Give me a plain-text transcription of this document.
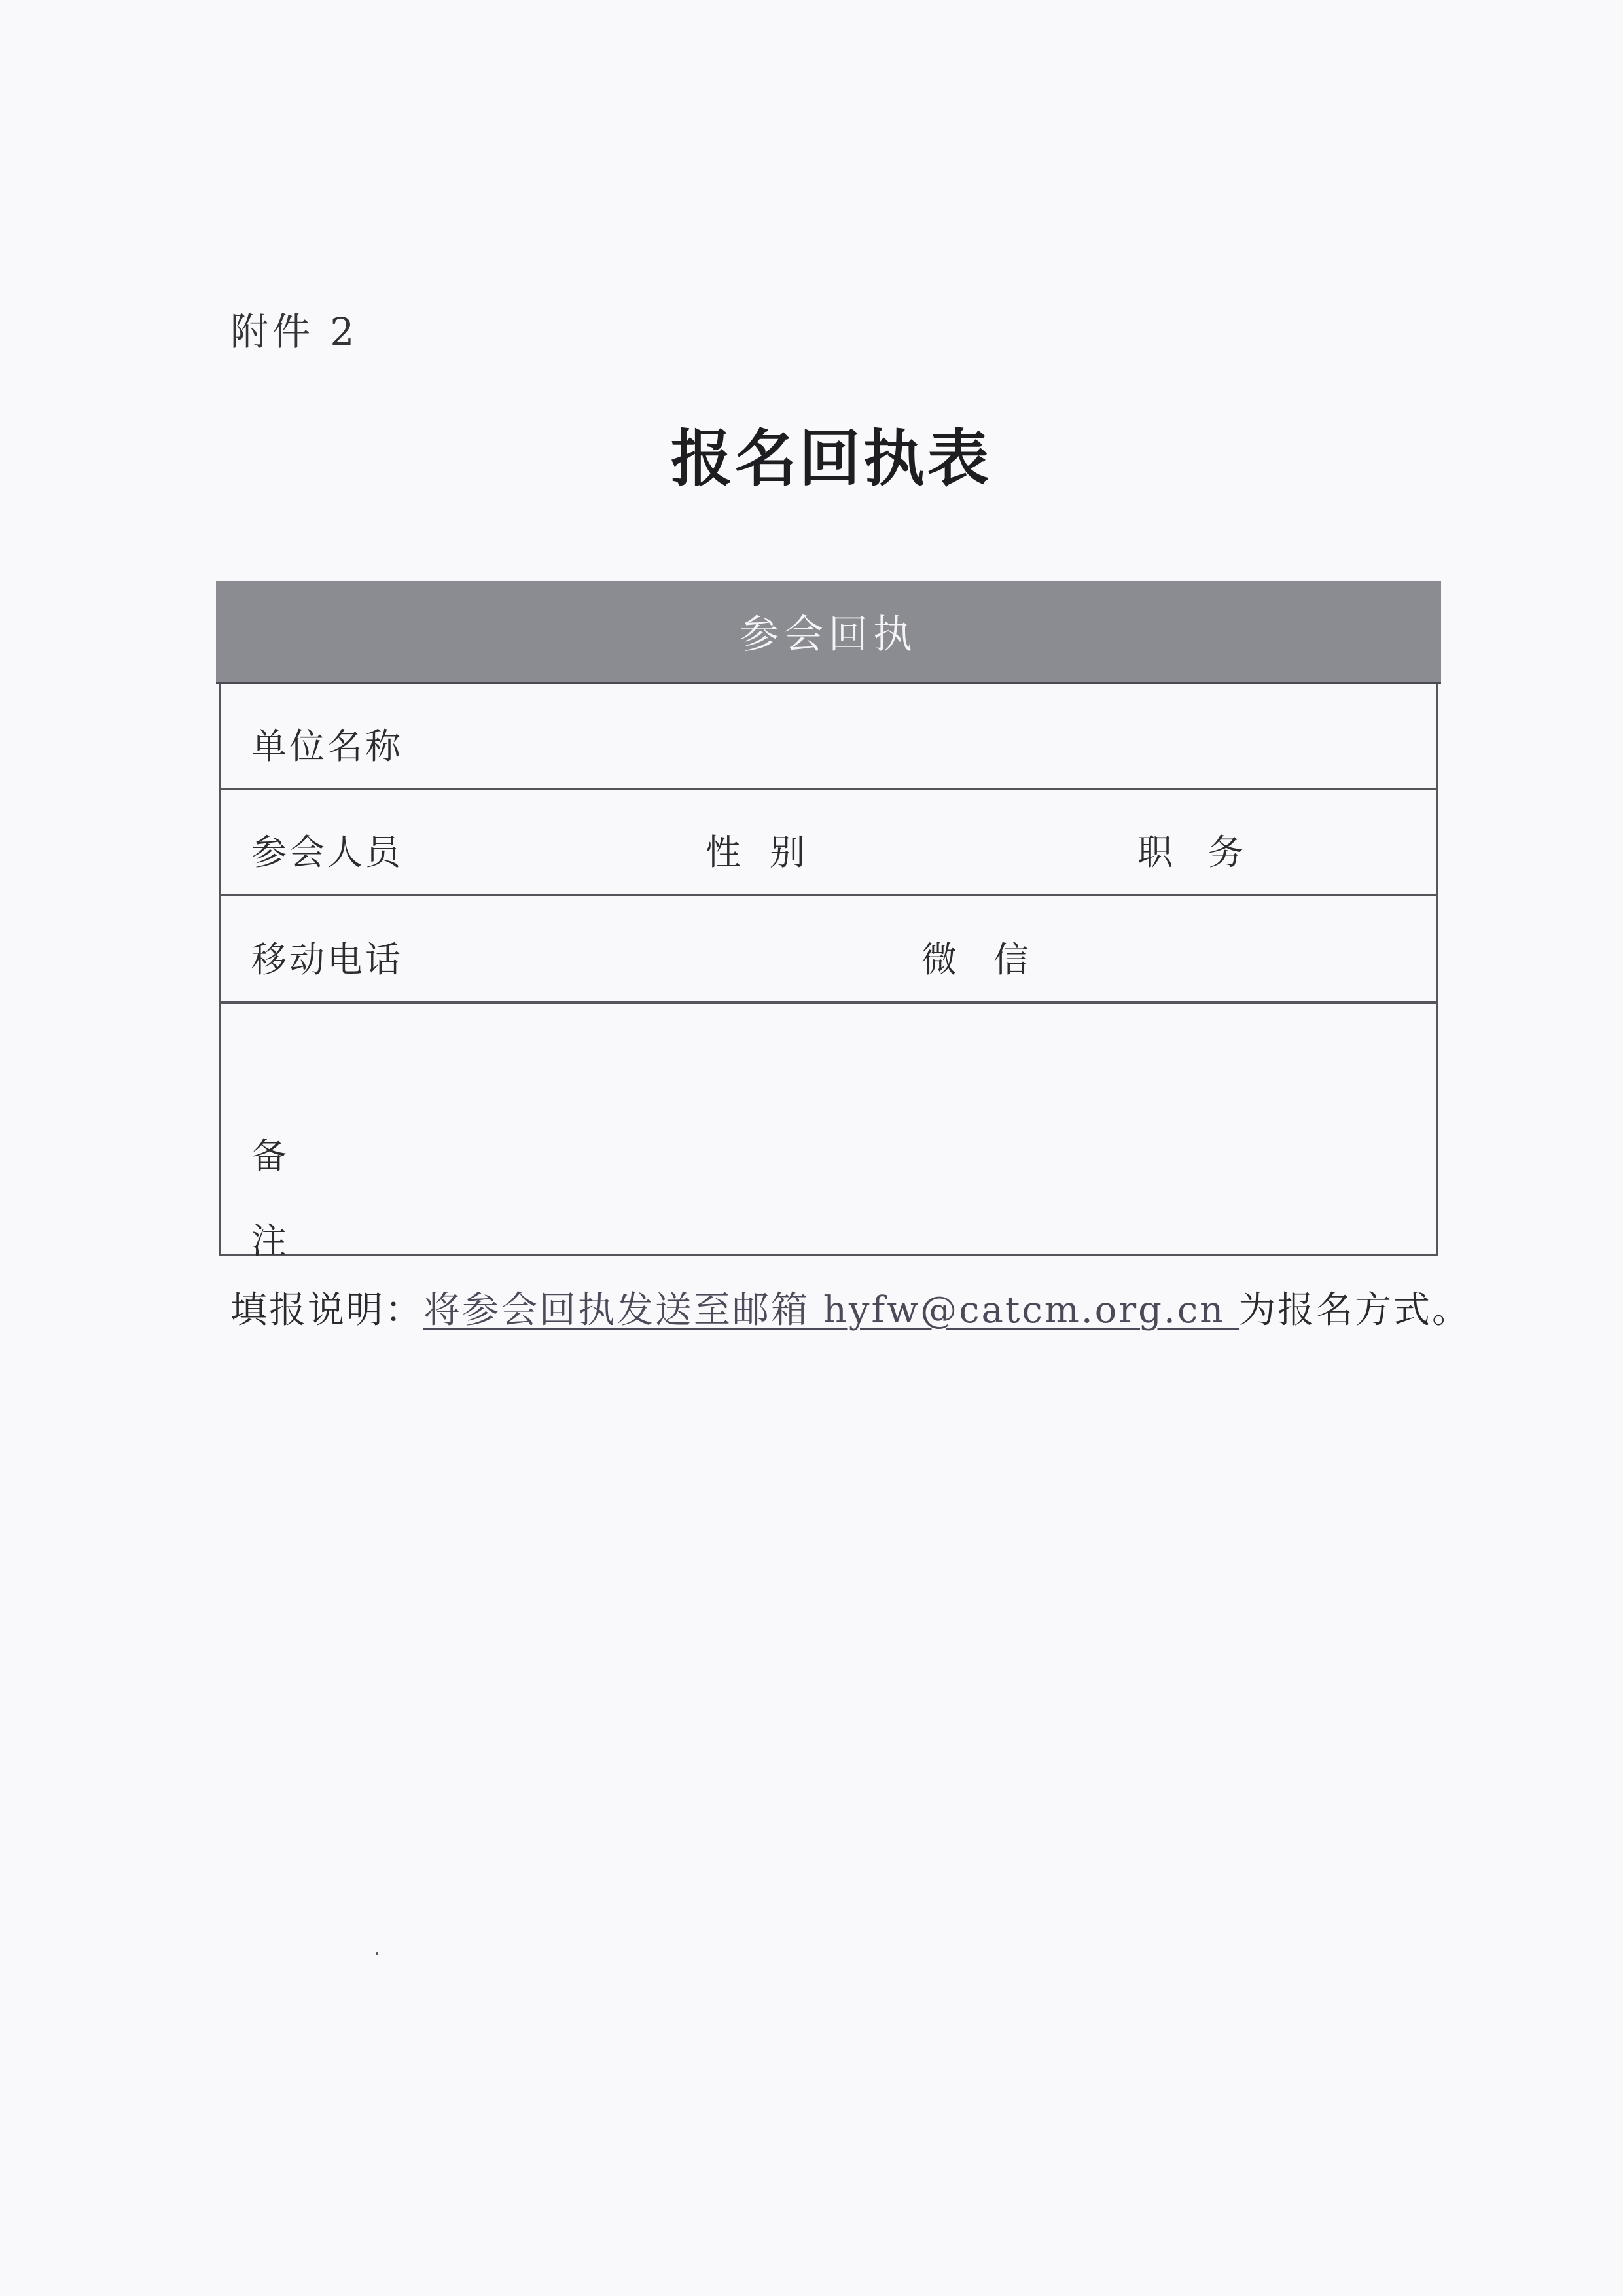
附件 2
报名回执表
参会回执
单位名称
参会人员	性别	职务
移动电话	微信
备
注
填报说明：将参会回执发送至邮箱 hyfw@catcm.org.cn 为报名方式。
